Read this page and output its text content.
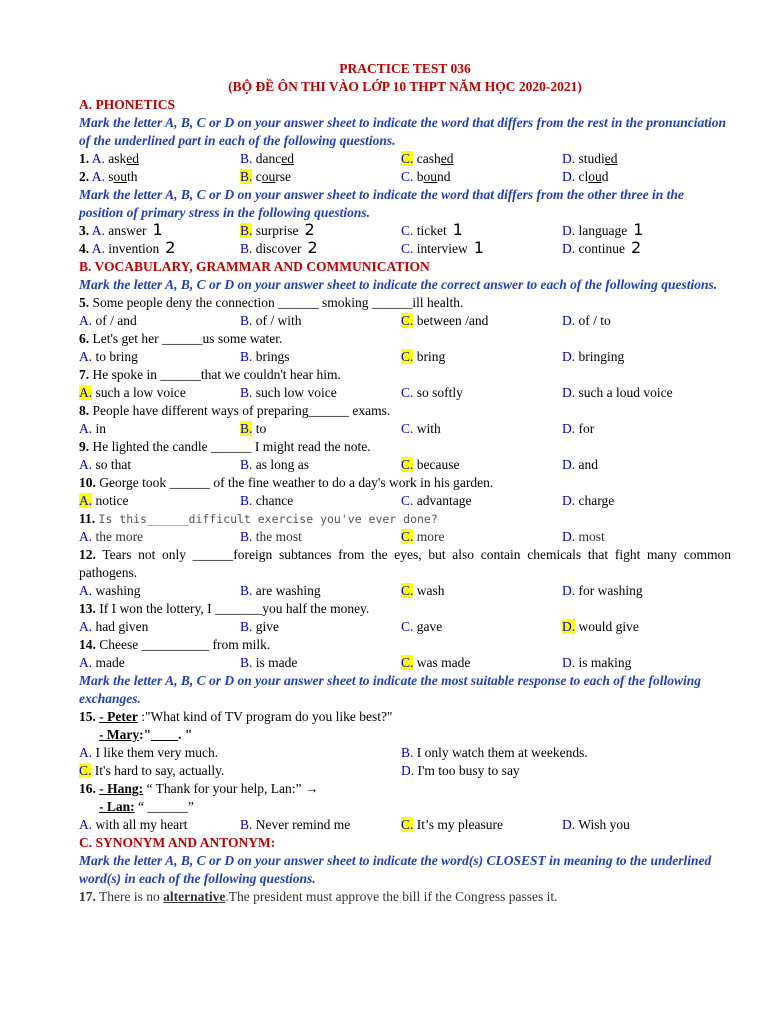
PRACTICE TEST 036
(BỘ ĐỀ ÔN THI VÀO LỚP 10 THPT NĂM HỌC 2020-2021)
A. PHONETICS
Mark the letter A, B, C or D on your answer sheet to indicate the word that differs from the rest in the pronunciation of the underlined part in each of the following questions.
1. A. asked	B. danced	C. cashed	D. studied
2. A. south	B. course	C. bound	D. cloud
Mark the letter A, B, C or D on your answer sheet to indicate the word that differs from the other three in the position of primary stress in the following questions.
3. A. answer 1	B. surprise 2	C. ticket 1	D. language 1
4. A. invention 2	B. discover 2	C. interview 1	D. continue 2
B. VOCABULARY, GRAMMAR AND COMMUNICATION
Mark the letter A, B, C or D on your answer sheet to indicate the correct answer to each of the following questions.
5. Some people deny the connection ______ smoking ______ill health.
A. of / and	B. of / with	C. between /and	D. of / to
6. Let's get her ______us some water.
A. to bring	B. brings	C. bring	D. bringing
7. He spoke in ______that we couldn't hear him.
A. such a low voice	B. such low voice	C. so softly	D. such a loud voice
8. People have different ways of preparing______ exams.
A. in	B. to	C. with	D. for
9. He lighted the candle ______ I might read the note.
A. so that	B. as long as	C. because	D. and
10. George took ______ of the fine weather to do a day's work in his garden.
A. notice	B. chance	C. advantage	D. charge
11. Is this______difficult exercise you've ever done?
A. the more	B. the most	C. more	D. most
12. Tears not only ______foreign subtances from the eyes, but also contain chemicals that fight many common pathogens.
A. washing	B. are washing	C. wash	D. for washing
13. If I won the lottery, I _______you half the money.
A. had given	B. give	C. gave	D. would give
14. Cheese __________ from milk.
A. made	B. is made	C. was made	D. is making
Mark the letter A, B, C or D on your answer sheet to indicate the most suitable response to each of the following exchanges.
15. - Peter :"What kind of TV program do you like best?"
- Mary:"____. "
A. I like them very much.	B. I only watch them at weekends.
C. It's hard to say, actually.	D. I'm too busy to say
16. - Hang: “ Thank for your help, Lan:” →
- Lan: “ ______”
A. with all my heart	B. Never remind me	C. It’s my pleasure	D. Wish you
C. SYNONYM AND ANTONYM:
Mark the letter A, B, C or D on your answer sheet to indicate the word(s) CLOSEST in meaning to the underlined word(s) in each of the following questions.
17. There is no alternative.The president must approve the bill if the Congress passes it.
